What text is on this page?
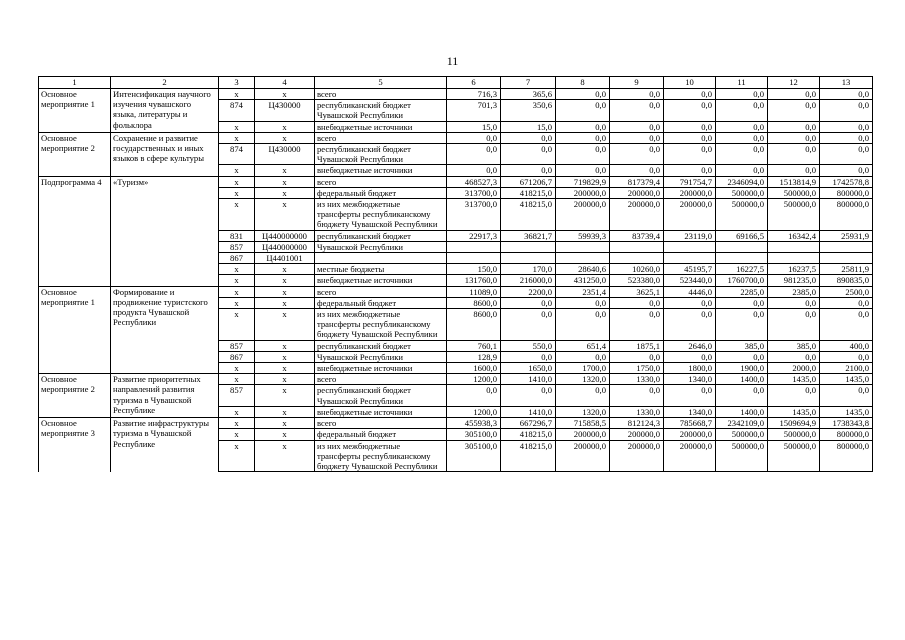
11
1	2	3	4	5	6	7	8	9	10	11	12	13
Основное мероприятие 1	Интенсификация научного изучения чувашского языка, литературы и фольклора	x	x	всего	716,3	365,6	0,0	0,0	0,0	0,0	0,0	0,0
		874	Ц430000	республиканский бюджет Чувашской Республики	701,3	350,6	0,0	0,0	0,0	0,0	0,0	0,0
		x	x	внебюджетные источники	15,0	15,0	0,0	0,0	0,0	0,0	0,0	0,0
Основное мероприятие 2	Сохранение и развитие государственных и иных языков в сфере культуры	x	x	всего	0,0	0,0	0,0	0,0	0,0	0,0	0,0	0,0
		874	Ц430000	республиканский бюджет Чувашской Республики	0,0	0,0	0,0	0,0	0,0	0,0	0,0	0,0
		x	x	внебюджетные источники	0,0	0,0	0,0	0,0	0,0	0,0	0,0	0,0
Подпрограмма 4	«Туризм»	x	x	всего	468527,3	671206,7	719829,9	817379,4	791754,7	2346094,0	1513814,9	1742578,8
		x	x	федеральный бюджет	313700,0	418215,0	200000,0	200000,0	200000,0	500000,0	500000,0	800000,0
		x	x	из них межбюджетные трансферты республиканскому бюджету Чувашской Республики	313700,0	418215,0	200000,0	200000,0	200000,0	500000,0	500000,0	800000,0
		831	Ц440000000	республиканский бюджет	22917,3	36821,7	59939,3	83739,4	23119,0	69166,5	16342,4	25931,9
		857	Ц440000000	Чувашской Республики								
		867	Ц4401001									
		x	x	местные бюджеты	150,0	170,0	28640,6	10260,0	45195,7	16227,5	16237,5	25811,9
		x	x	внебюджетные источники	131760,0	216000,0	431250,0	523380,0	523440,0	1760700,0	981235,0	890835,0
Основное мероприятие 1	Формирование и продвижение туристского продукта Чувашской Республики	x	x	всего	11089,0	2200,0	2351,4	3625,1	4446,0	2285,0	2385,0	2500,0
		x	x	федеральный бюджет	8600,0	0,0	0,0	0,0	0,0	0,0	0,0	0,0
		x	x	из них межбюджетные трансферты республиканскому бюджету Чувашской Республики	8600,0	0,0	0,0	0,0	0,0	0,0	0,0	0,0
		857	x	республиканский бюджет	760,1	550,0	651,4	1875,1	2646,0	385,0	385,0	400,0
		867	x	Чувашской Республики	128,9	0,0	0,0	0,0	0,0	0,0	0,0	0,0
		x	x	внебюджетные источники	1600,0	1650,0	1700,0	1750,0	1800,0	1900,0	2000,0	2100,0
Основное мероприятие 2	Развитие приоритетных направлений развития туризма в Чувашской Республике	x	x	всего	1200,0	1410,0	1320,0	1330,0	1340,0	1400,0	1435,0	1435,0
		857	x	республиканский бюджет Чувашской Республики	0,0	0,0	0,0	0,0	0,0	0,0	0,0	0,0
		x	x	внебюджетные источники	1200,0	1410,0	1320,0	1330,0	1340,0	1400,0	1435,0	1435,0
Основное мероприятие 3	Развитие инфраструктуры туризма в Чувашской Республике	x	x	всего	455938,3	667296,7	715858,5	812124,3	785668,7	2342109,0	1509694,9	1738343,8
		x	x	федеральный бюджет	305100,0	418215,0	200000,0	200000,0	200000,0	500000,0	500000,0	800000,0
		x	x	из них межбюджетные трансферты республиканскому бюджету Чувашской Республики	305100,0	418215,0	200000,0	200000,0	200000,0	500000,0	500000,0	800000,0
